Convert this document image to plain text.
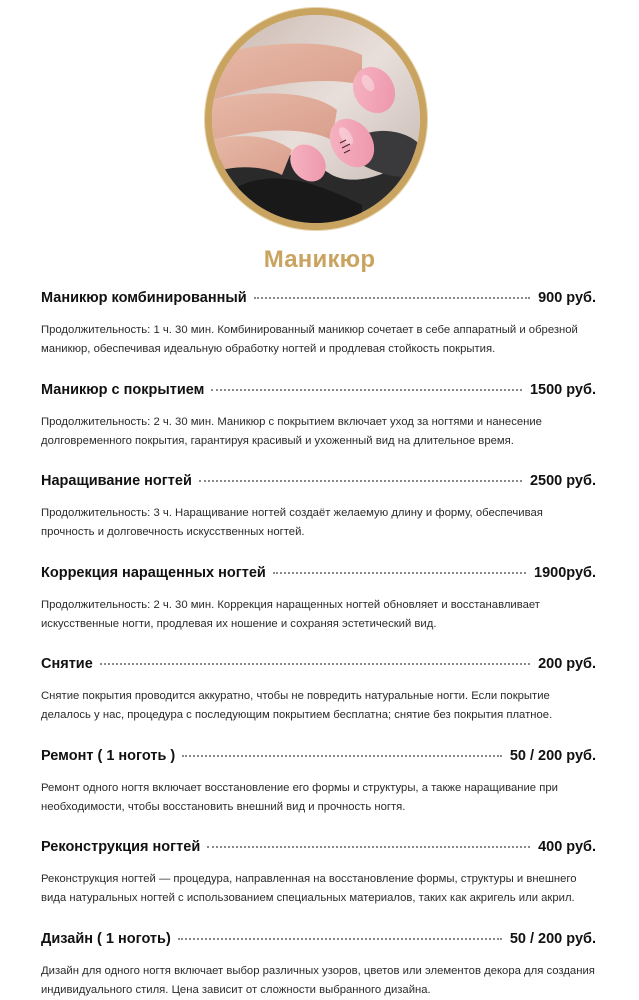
Маникюр
Маникюр комбинированный	900 руб.
Продолжительность: 1 ч. 30 мин. Комбинированный маникюр сочетает в себе аппаратный и обрезной маникюр, обеспечивая идеальную обработку ногтей и продлевая стойкость покрытия.
Маникюр с покрытием	1500 руб.
Продолжительность: 2 ч. 30 мин. Маникюр с покрытием включает уход за ногтями и нанесение долговременного покрытия, гарантируя красивый и ухоженный вид на длительное время.
Наращивание ногтей	2500 руб.
Продолжительность: 3 ч. Наращивание ногтей создаёт желаемую длину и форму, обеспечивая прочность и долговечность искусственных ногтей.
Коррекция наращенных ногтей	1900руб.
Продолжительность: 2 ч. 30 мин. Коррекция наращенных ногтей обновляет и восстанавливает искусственные ногти, продлевая их ношение и сохраняя эстетический вид.
Снятие	200 руб.
Снятие покрытия проводится аккуратно, чтобы не повредить натуральные ногти. Если покрытие делалось у нас, процедура с последующим покрытием бесплатна; снятие без покрытия платное.
Ремонт ( 1 ноготь )	50 / 200 руб.
Ремонт одного ногтя включает восстановление его формы и структуры, а также наращивание при необходимости, чтобы восстановить внешний вид и прочность ногтя.
Реконструкция ногтей	400 руб.
Реконструкция ногтей — процедура, направленная на восстановление формы, структуры и внешнего вида натуральных ногтей с использованием специальных материалов, таких как акригель или акрил.
Дизайн ( 1 ноготь)	50 / 200 руб.
Дизайн для одного ногтя включает выбор различных узоров, цветов или элементов декора для создания индивидуального стиля. Цена зависит от сложности выбранного дизайна.
